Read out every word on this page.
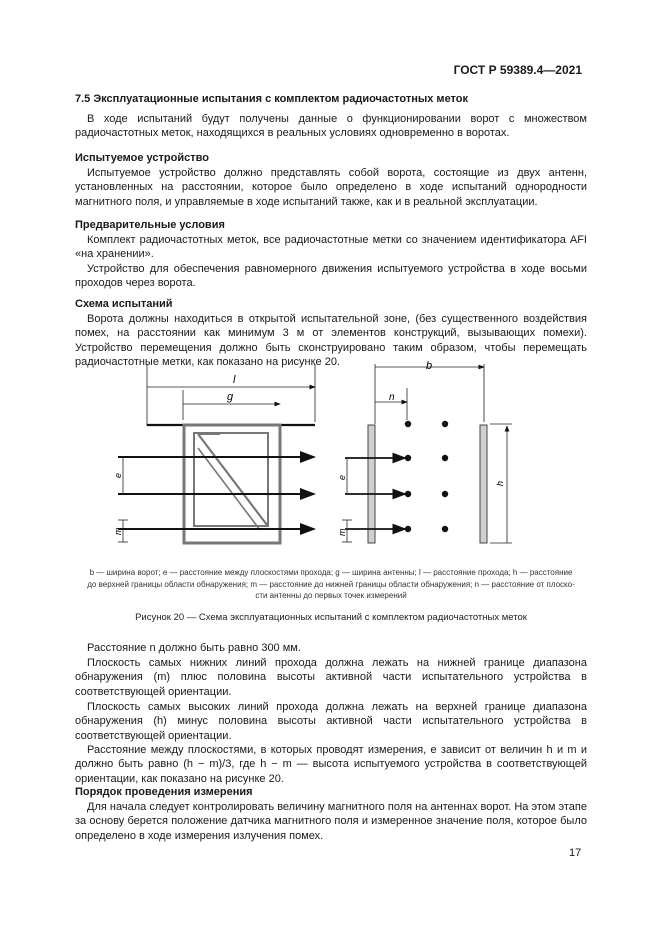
ГОСТ Р 59389.4—2021
7.5 Эксплуатационные испытания с комплектом радиочастотных меток
В ходе испытаний будут получены данные о функционировании ворот с множеством радиочастотных меток, находящихся в реальных условиях одновременно в воротах.
Испытуемое устройство
Испытуемое устройство должно представлять собой ворота, состоящие из двух антенн, установленных на расстоянии, которое было определено в ходе испытаний однородности магнитного поля, и управляемые в ходе испытаний также, как и в реальной эксплуатации.
Предварительные условия
Комплект радиочастотных меток, все радиочастотные метки со значением идентификатора AFI «на хранении».
Устройство для обеспечения равномерного движения испытуемого устройства в ходе восьми проходов через ворота.
Схема испытаний
Ворота должны находиться в открытой испытательной зоне, (без существенного воздействия помех, на расстоянии как минимум 3 м от элементов конструкций, вызывающих помехи). Устройство перемещения должно быть сконструировано таким образом, чтобы перемещать радиочастотные метки, как показано на рисунке 20.
l
g
e
m
b
n
e
m
h
b — ширина ворот; e — расстояние между плоскостями прохода; g — ширина антенны; l — расстояние прохода; h — расстояние
до верхней границы области обнаружения; m — расстояние до нижней границы области обнаружения; n — расстояние от плоско-
сти антенны до первых точек измерений
Рисунок 20 — Схема эксплуатационных испытаний с комплектом радиочастотных меток
Расстояние n должно быть равно 300 мм.
Плоскость самых нижних линий прохода должна лежать на нижней границе диапазона обнаружения (m) плюс половина высоты активной части испытательного устройства в соответствующей ориентации.
Плоскость самых высоких линий прохода должна лежать на верхней границе диапазона обнаружения (h) минус половина высоты активной части испытательного устройства в соответствующей ориентации.
Расстояние между плоскостями, в которых проводят измерения, e зависит от величин h и m и должно быть равно (h − m)/3, где h − m — высота испытуемого устройства в соответствующей ориентации, как показано на рисунке 20.
Порядок проведения измерения
Для начала следует контролировать величину магнитного поля на антеннах ворот. На этом этапе за основу берется положение датчика магнитного поля и измеренное значение поля, которое было определено в ходе измерения излучения помех.
17
